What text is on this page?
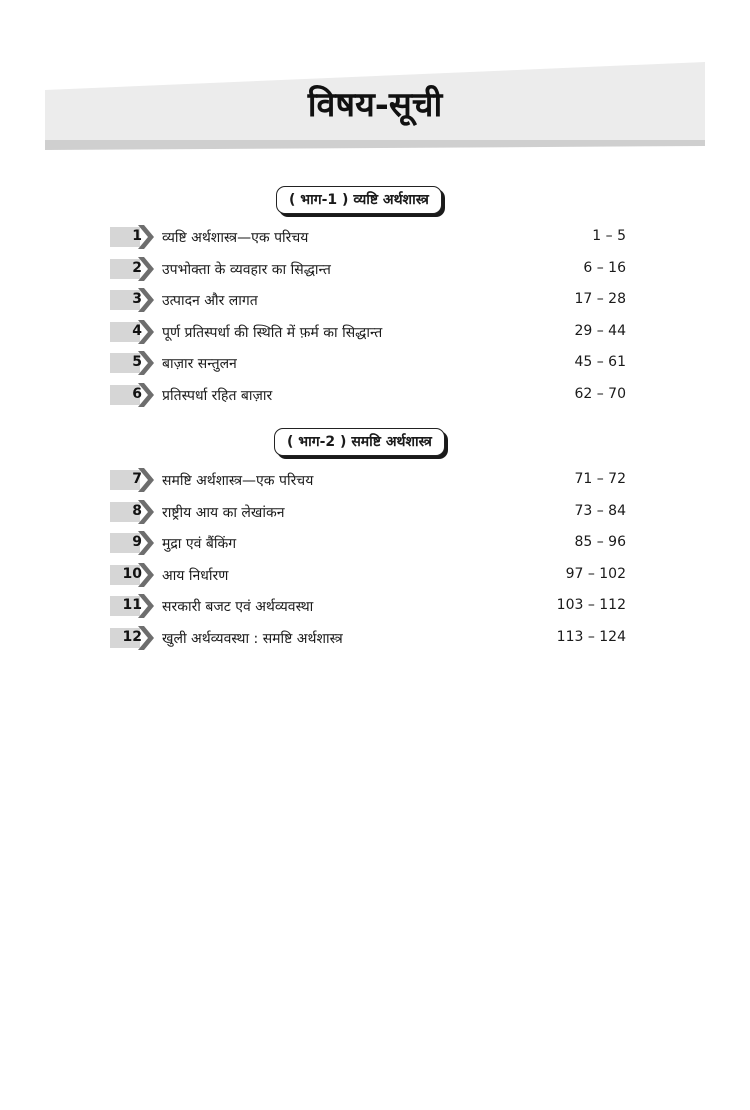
विषय-सूची
( भाग-1 ) व्यष्टि अर्थशास्त्र
1 व्यष्टि अर्थशास्त्र—एक परिचय	1 – 5
2 उपभोक्ता के व्यवहार का सिद्धान्त	6 – 16
3 उत्पादन और लागत	17 – 28
4 पूर्ण प्रतिस्पर्धा की स्थिति में फ़र्म का सिद्धान्त	29 – 44
5 बाज़ार सन्तुलन	45 – 61
6 प्रतिस्पर्धा रहित बाज़ार	62 – 70
( भाग-2 ) समष्टि अर्थशास्त्र
7 समष्टि अर्थशास्त्र—एक परिचय	71 – 72
8 राष्ट्रीय आय का लेखांकन	73 – 84
9 मुद्रा एवं बैंकिंग	85 – 96
10 आय निर्धारण	97 – 102
11 सरकारी बजट एवं अर्थव्यवस्था	103 – 112
12 खुली अर्थव्यवस्था : समष्टि अर्थशास्त्र	113 – 124
